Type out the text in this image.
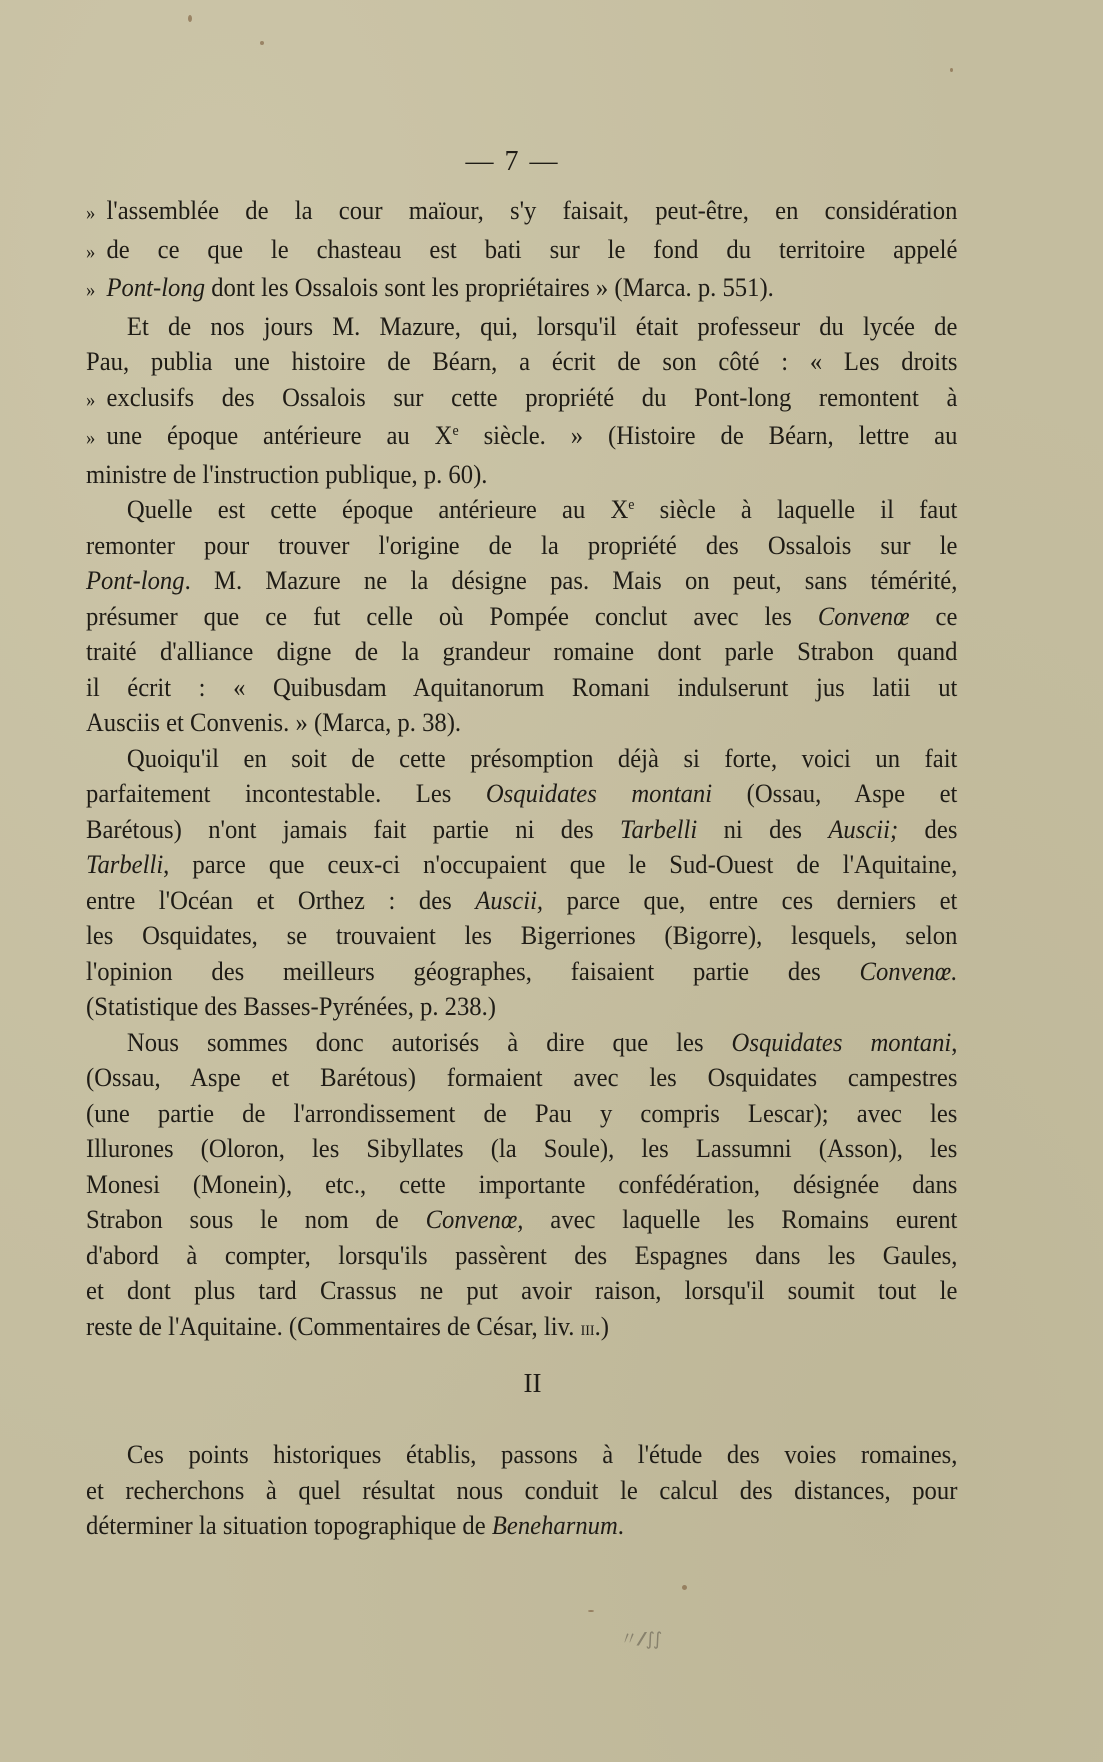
— 7 —
» l'assemblée de la cour maïour, s'y faisait, peut-être, en considération
» de ce que le chasteau est bati sur le fond du territoire appelé
» Pont-long dont les Ossalois sont les propriétaires » (Marca. p. 551).
Et de nos jours M. Mazure, qui, lorsqu'il était professeur du lycée de
Pau, publia une histoire de Béarn, a écrit de son côté : « Les droits
» exclusifs des Ossalois sur cette propriété du Pont-long remontent à
» une époque antérieure au Xe siècle. » (Histoire de Béarn, lettre au
ministre de l'instruction publique, p. 60).
Quelle est cette époque antérieure au Xe siècle à laquelle il faut
remonter pour trouver l'origine de la propriété des Ossalois sur le
Pont-long. M. Mazure ne la désigne pas. Mais on peut, sans témérité,
présumer que ce fut celle où Pompée conclut avec les Convenœ ce
traité d'alliance digne de la grandeur romaine dont parle Strabon quand
il écrit : « Quibusdam Aquitanorum Romani indulserunt jus latii ut
Ausciis et Convenis. » (Marca, p. 38).
Quoiqu'il en soit de cette présomption déjà si forte, voici un fait
parfaitement incontestable. Les Osquidates montani (Ossau, Aspe et
Barétous) n'ont jamais fait partie ni des Tarbelli ni des Auscii; des
Tarbelli, parce que ceux-ci n'occupaient que le Sud-Ouest de l'Aquitaine,
entre l'Océan et Orthez : des Auscii, parce que, entre ces derniers et
les Osquidates, se trouvaient les Bigerriones (Bigorre), lesquels, selon
l'opinion des meilleurs géographes, faisaient partie des Convenœ.
(Statistique des Basses-Pyrénées, p. 238.)
Nous sommes donc autorisés à dire que les Osquidates montani,
(Ossau, Aspe et Barétous) formaient avec les Osquidates campestres
(une partie de l'arrondissement de Pau y compris Lescar); avec les
Illurones (Oloron, les Sibyllates (la Soule), les Lassumni (Asson), les
Monesi (Monein), etc., cette importante confédération, désignée dans
Strabon sous le nom de Convenœ, avec laquelle les Romains eurent
d'abord à compter, lorsqu'ils passèrent des Espagnes dans les Gaules,
et dont plus tard Crassus ne put avoir raison, lorsqu'il soumit tout le
reste de l'Aquitaine. (Commentaires de César, liv. iii.)
II
Ces points historiques établis, passons à l'étude des voies romaines,
et recherchons à quel résultat nous conduit le calcul des distances, pour
déterminer la situation topographique de Beneharnum.
〃 ⁄⁄ ∫∫
